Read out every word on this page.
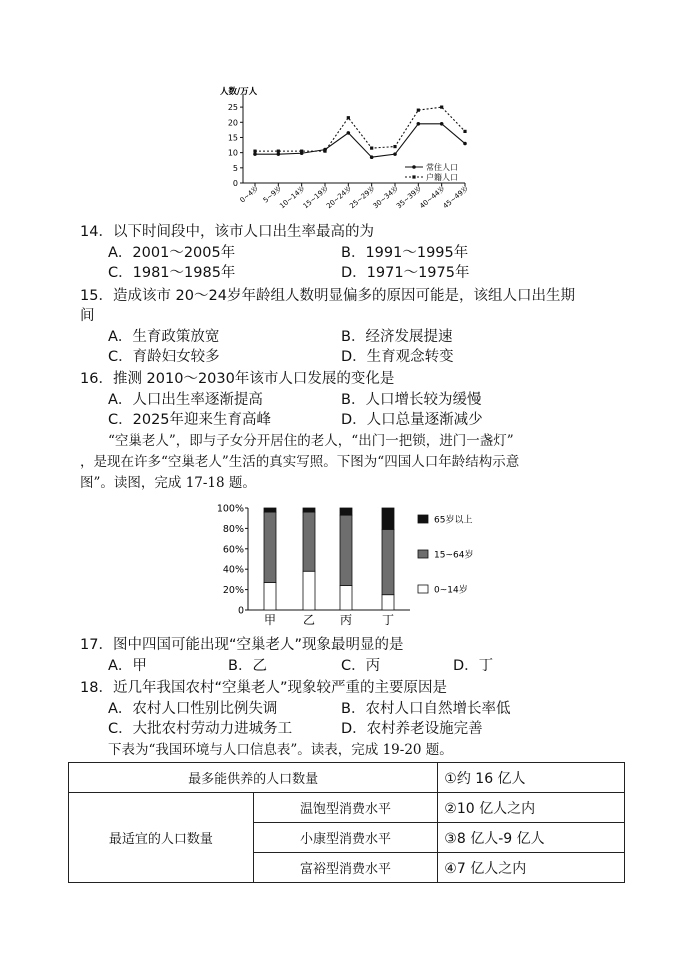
人数/万人
25
20
15
10
5
0
0~4岁 5~9岁
10~14岁
15~19岁
20~24岁
25~29岁
30~34岁
35~39岁
40~44岁
45~49岁
常住人口
户籍人口
14．以下时间段中，该市人口出生率最高的为
A．2001～2005年	B．1991～1995年
C．1981～1985年	D．1971～1975年
15．造成该市 20～24岁年龄组人数明显偏多的原因可能是，该组人口出生期
间
A．生育政策放宽	B．经济发展提速
C．育龄妇女较多	D．生育观念转变
16．推测 2010～2030年该市人口发展的变化是
A．人口出生率逐渐提高	B．人口增长较为缓慢
C．2025年迎来生育高峰	D．人口总量逐渐减少
“空巢老人”，即与子女分开居住的老人，“出门一把锁，进门一盏灯”
，是现在许多“空巢老人”生活的真实写照。下图为“四国人口年龄结构示意
图”。读图，完成 17-18 题。
100%
80%
60%
40%
20%
0
甲 乙 丙 丁
65岁以上
15~64岁
0~14岁
17．图中四国可能出现“空巢老人”现象最明显的是
A．甲	B．乙	C．丙	D．丁
18．近几年我国农村“空巢老人”现象较严重的主要原因是
A．农村人口性别比例失调	B．农村人口自然增长率低
C．大批农村劳动力进城务工	D．农村养老设施完善
下表为“我国环境与人口信息表”。读表，完成 19-20 题。
最多能供养的人口数量		①约 16 亿人
最适宜的人口数量	温饱型消费水平	②10 亿人之内
	小康型消费水平	③8 亿人-9 亿人
	富裕型消费水平	④7 亿人之内
